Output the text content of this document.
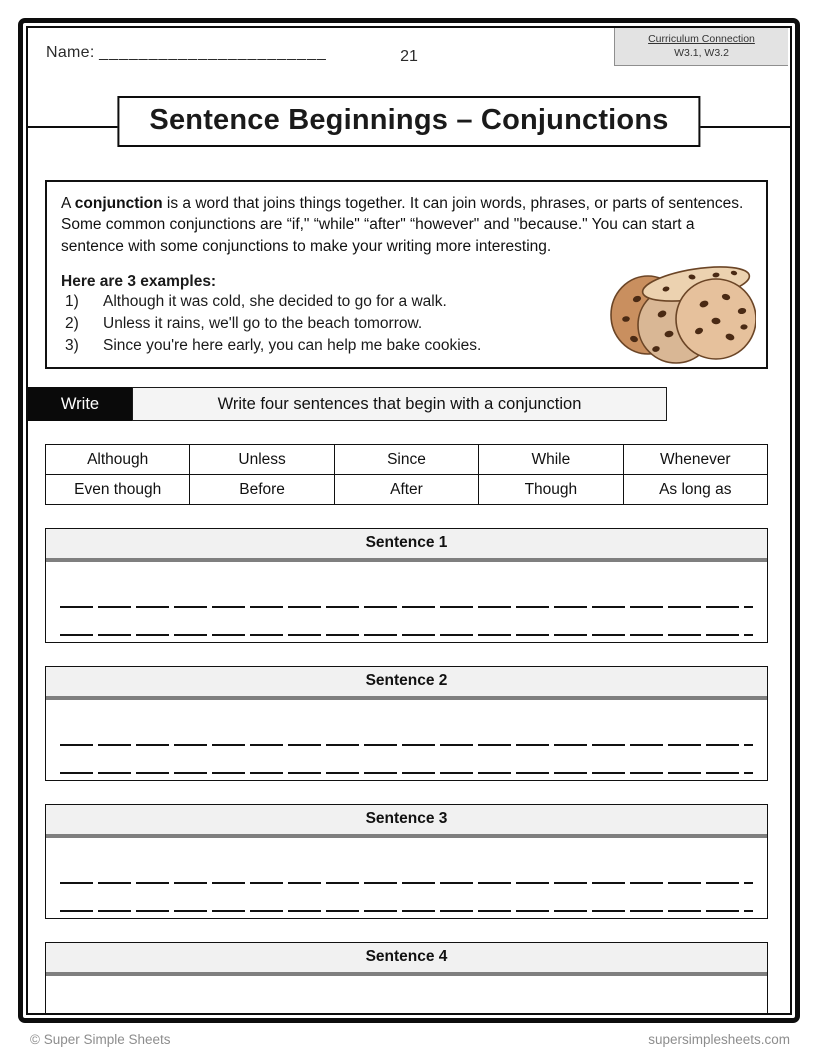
Name: _______________________	21
Curriculum Connection
W3.1, W3.2
Sentence Beginnings – Conjunctions

A conjunction is a word that joins things together. It can join words, phrases, or parts of sentences. Some common conjunctions are “if," “while" “after" “however" and "because." You can start a sentence with some conjunctions to make your writing more interesting.

Here are 3 examples:

1)	Although it was cold, she decided to go for a walk.
2)	Unless it rains, we'll go to the beach tomorrow.
3)	Since you're here early, you can help me bake cookies.
Write	Write four sentences that begin with a conjunction
Although	Unless	Since	While	Whenever
Even though	Before	After	Though	As long as
Sentence 1
Sentence 2
Sentence 3
Sentence 4
© Super Simple Sheets	supersimplesheets.com
